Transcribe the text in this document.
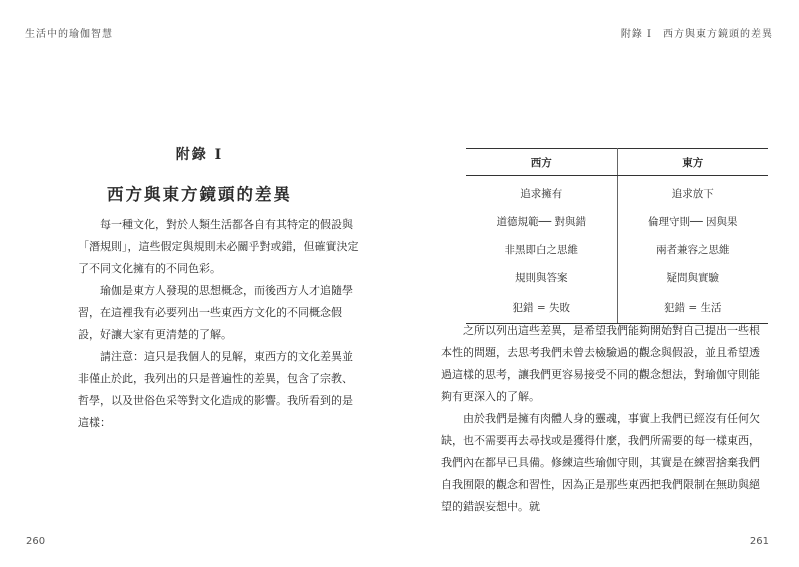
生活中的瑜伽智慧
附錄 I
西方與東方鏡頭的差異

每一種文化，對於人類生活都各自有其特定的假設與「潛規則」，這些假定與規則未必關乎對或錯，但確實決定了不同文化擁有的不同色彩。

瑜伽是東方人發現的思想概念，而後西方人才追隨學習，在這裡我有必要列出一些東西方文化的不同概念假設，好讓大家有更清楚的了解。

請注意：這只是我個人的見解，東西方的文化差異並非僅止於此，我列出的只是普遍性的差異，包含了宗教、哲學，以及世俗色采等對文化造成的影響。我所看到的是這樣：

260
附錄 I　西方與東方鏡頭的差異
西方	東方
追求擁有	追求放下
道德規範── 對與錯	倫理守則── 因與果
非黑即白之思維	兩者兼容之思維
規則與答案	疑問與實驗
犯錯 = 失敗	犯錯 = 生活

之所以列出這些差異，是希望我們能夠開始對自己提出一些根本性的問題，去思考我們未曾去檢驗過的觀念與假設，並且希望透過這樣的思考，讓我們更容易接受不同的觀念想法，對瑜伽守則能夠有更深入的了解。

由於我們是擁有肉體人身的靈魂，事實上我們已經沒有任何欠缺，也不需要再去尋找或是獲得什麼，我們所需要的每一樣東西，我們內在都早已具備。修練這些瑜伽守則，其實是在練習捨棄我們自我囿限的觀念和習性，因為正是那些東西把我們限制在無助與絕望的錯誤妄想中。就

261
